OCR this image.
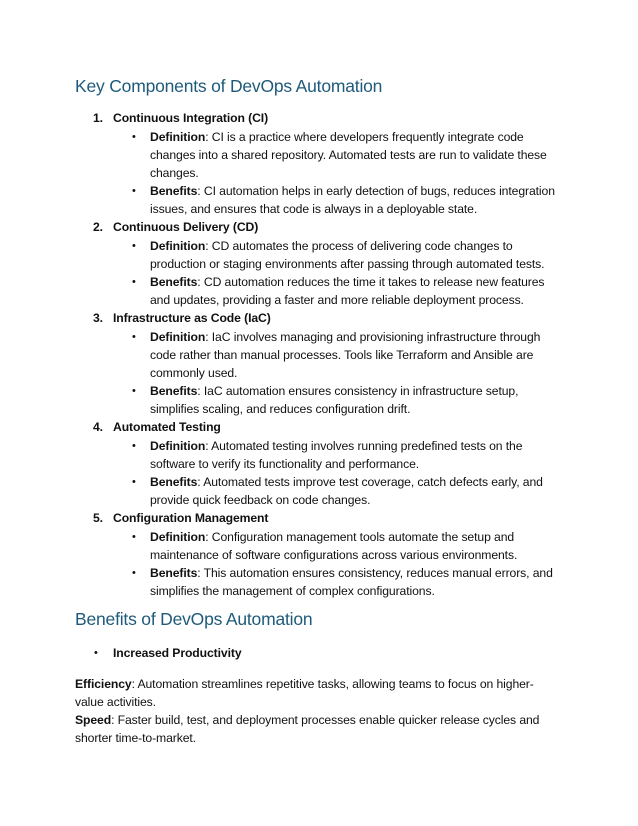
Key Components of DevOps Automation
1. Continuous Integration (CI)
• Definition: CI is a practice where developers frequently integrate code
changes into a shared repository. Automated tests are run to validate these
changes.
• Benefits: CI automation helps in early detection of bugs, reduces integration
issues, and ensures that code is always in a deployable state.
2. Continuous Delivery (CD)
• Definition: CD automates the process of delivering code changes to
production or staging environments after passing through automated tests.
• Benefits: CD automation reduces the time it takes to release new features
and updates, providing a faster and more reliable deployment process.
3. Infrastructure as Code (IaC)
• Definition: IaC involves managing and provisioning infrastructure through
code rather than manual processes. Tools like Terraform and Ansible are
commonly used.
• Benefits: IaC automation ensures consistency in infrastructure setup,
simplifies scaling, and reduces configuration drift.
4. Automated Testing
• Definition: Automated testing involves running predefined tests on the
software to verify its functionality and performance.
• Benefits: Automated tests improve test coverage, catch defects early, and
provide quick feedback on code changes.
5. Configuration Management
• Definition: Configuration management tools automate the setup and
maintenance of software configurations across various environments.
• Benefits: This automation ensures consistency, reduces manual errors, and
simplifies the management of complex configurations.
Benefits of DevOps Automation
• Increased Productivity
Efficiency: Automation streamlines repetitive tasks, allowing teams to focus on higher-
value activities.
Speed: Faster build, test, and deployment processes enable quicker release cycles and
shorter time-to-market.
